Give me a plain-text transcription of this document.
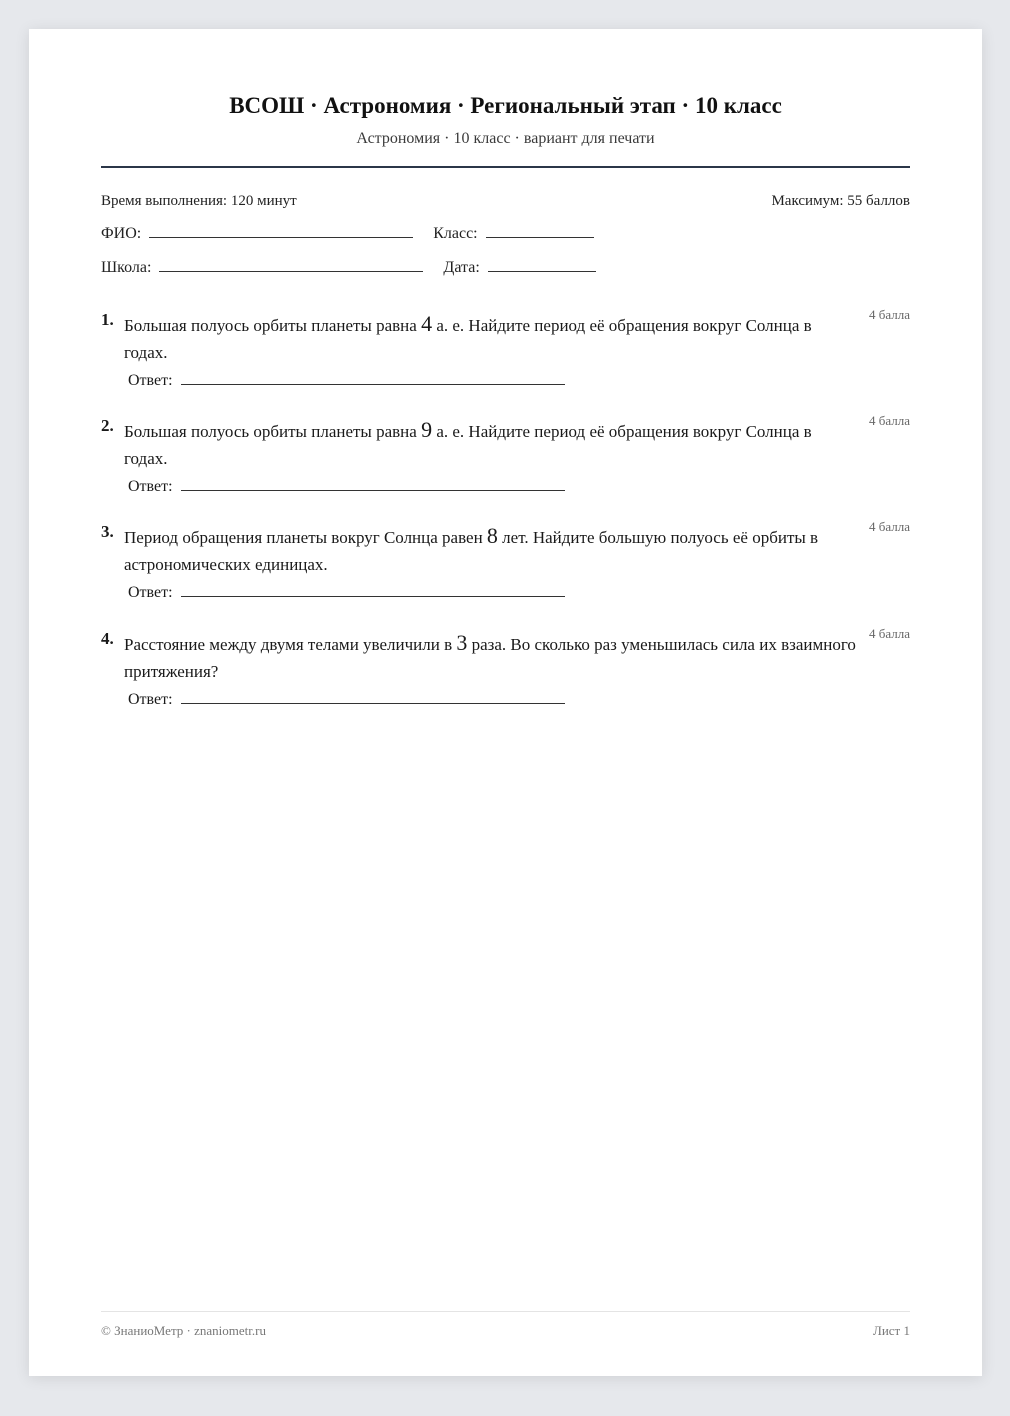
ВСОШ · Астрономия · Региональный этап · 10 класс
Астрономия · 10 класс · вариант для печати
Время выполнения: 120 минут	Максимум: 55 баллов
ФИО:	Класс:
Школа:	Дата:
1. Большая полуось орбиты планеты равна 4 а. е. Найдите период её обращения вокруг Солнца в годах.
4 балла
Ответ:
2. Большая полуось орбиты планеты равна 9 а. е. Найдите период её обращения вокруг Солнца в годах.
4 балла
Ответ:
3. Период обращения планеты вокруг Солнца равен 8 лет. Найдите большую полуось её орбиты в астрономических единицах.
4 балла
Ответ:
4. Расстояние между двумя телами увеличили в 3 раза. Во сколько раз уменьшилась сила их взаимного притяжения?
4 балла
Ответ:
© ЗнаниоМетр · znaniometr.ru	Лист 1
